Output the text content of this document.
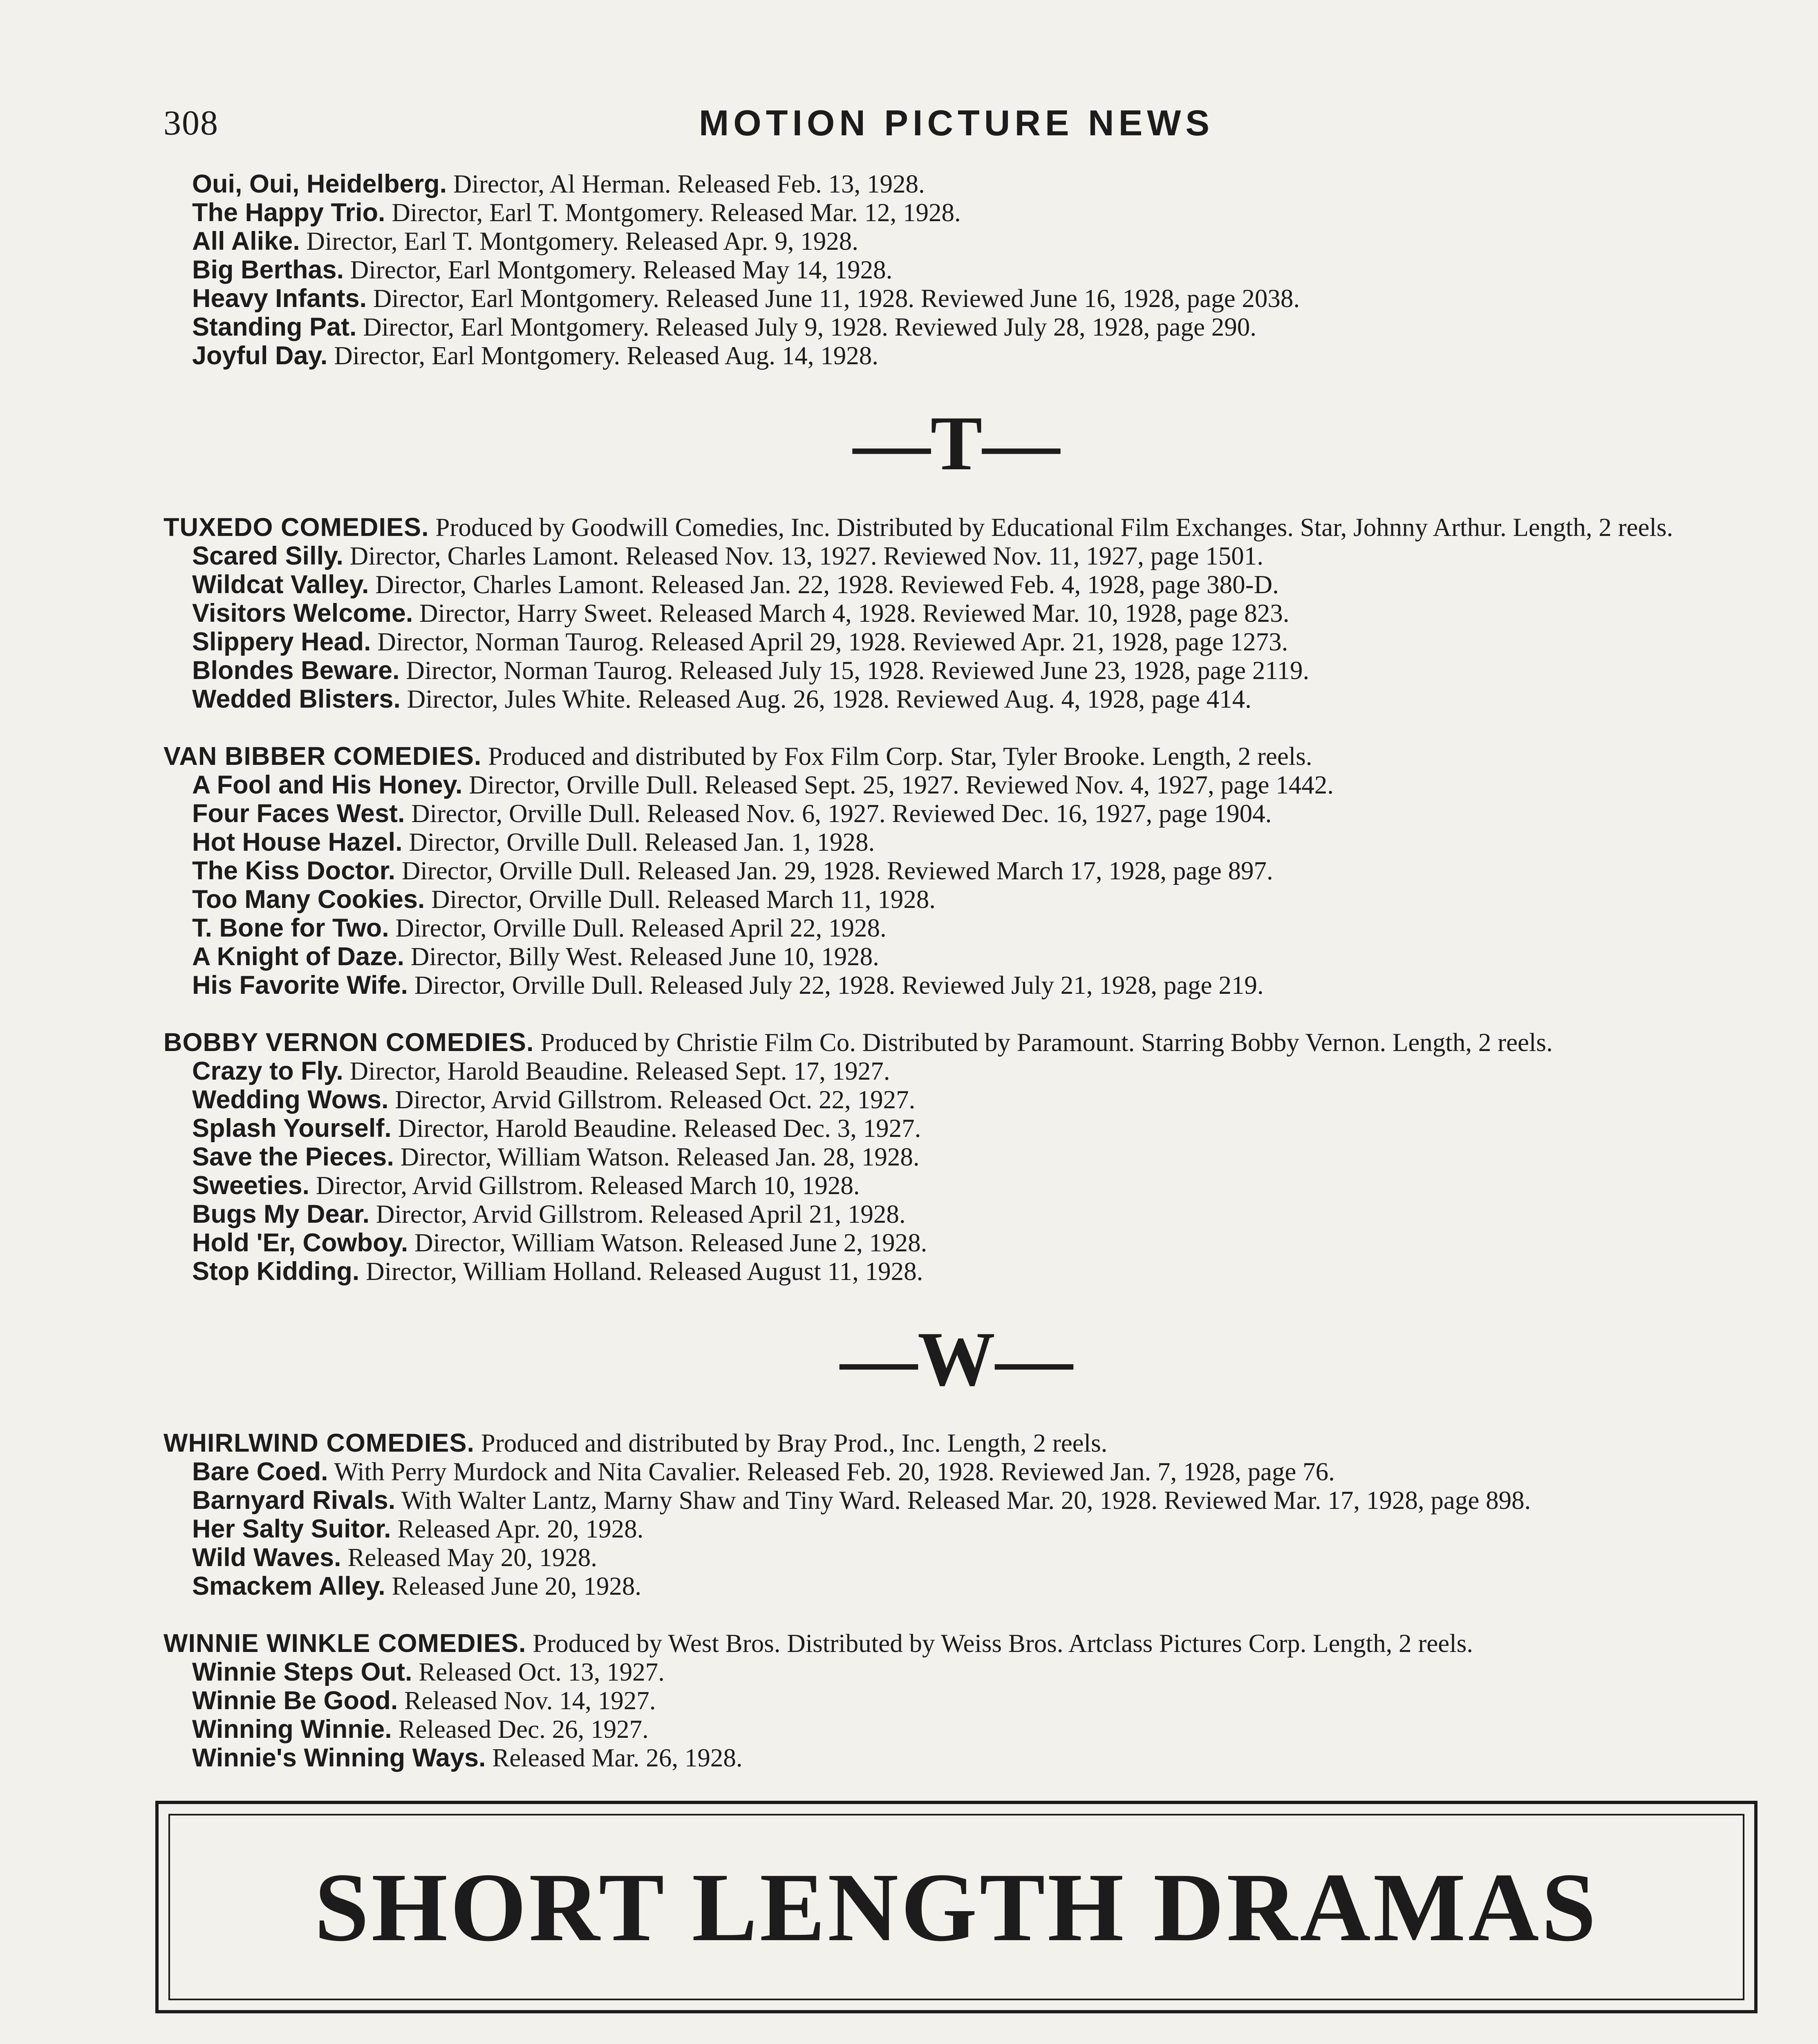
308	MOTION PICTURE NEWS

Oui, Oui, Heidelberg. Director, Al Herman. Released Feb. 13, 1928.

The Happy Trio. Director, Earl T. Montgomery. Released Mar. 12, 1928.

All Alike. Director, Earl T. Montgomery. Released Apr. 9, 1928.

Big Berthas. Director, Earl Montgomery. Released May 14, 1928.

Heavy Infants. Director, Earl Montgomery. Released June 11, 1928. Reviewed June 16, 1928, page 2038.

Standing Pat. Director, Earl Montgomery. Released July 9, 1928. Reviewed July 28, 1928, page 290.

Joyful Day. Director, Earl Montgomery. Released Aug. 14, 1928.

—T—

TUXEDO COMEDIES. Produced by Goodwill Comedies, Inc. Distributed by Educational Film Exchanges. Star, Johnny Arthur. Length, 2 reels.

Scared Silly. Director, Charles Lamont. Released Nov. 13, 1927. Reviewed Nov. 11, 1927, page 1501.

Wildcat Valley. Director, Charles Lamont. Released Jan. 22, 1928. Reviewed Feb. 4, 1928, page 380-D.

Visitors Welcome. Director, Harry Sweet. Released March 4, 1928. Reviewed Mar. 10, 1928, page 823.

Slippery Head. Director, Norman Taurog. Released April 29, 1928. Reviewed Apr. 21, 1928, page 1273.

Blondes Beware. Director, Norman Taurog. Released July 15, 1928. Reviewed June 23, 1928, page 2119.

Wedded Blisters. Director, Jules White. Released Aug. 26, 1928. Reviewed Aug. 4, 1928, page 414.

VAN BIBBER COMEDIES. Produced and distributed by Fox Film Corp. Star, Tyler Brooke. Length, 2 reels.

A Fool and His Honey. Director, Orville Dull. Released Sept. 25, 1927. Reviewed Nov. 4, 1927, page 1442.

Four Faces West. Director, Orville Dull. Released Nov. 6, 1927. Reviewed Dec. 16, 1927, page 1904.

Hot House Hazel. Director, Orville Dull. Released Jan. 1, 1928.

The Kiss Doctor. Director, Orville Dull. Released Jan. 29, 1928. Reviewed March 17, 1928, page 897.

Too Many Cookies. Director, Orville Dull. Released March 11, 1928.

T. Bone for Two. Director, Orville Dull. Released April 22, 1928.

A Knight of Daze. Director, Billy West. Released June 10, 1928.

His Favorite Wife. Director, Orville Dull. Released July 22, 1928. Reviewed July 21, 1928, page 219.

BOBBY VERNON COMEDIES. Produced by Christie Film Co. Distributed by Paramount. Starring Bobby Vernon. Length, 2 reels.

Crazy to Fly. Director, Harold Beaudine. Released Sept. 17, 1927.

Wedding Wows. Director, Arvid Gillstrom. Released Oct. 22, 1927.

Splash Yourself. Director, Harold Beaudine. Released Dec. 3, 1927.

Save the Pieces. Director, William Watson. Released Jan. 28, 1928.

Sweeties. Director, Arvid Gillstrom. Released March 10, 1928.

Bugs My Dear. Director, Arvid Gillstrom. Released April 21, 1928.

Hold 'Er, Cowboy. Director, William Watson. Released June 2, 1928.

Stop Kidding. Director, William Holland. Released August 11, 1928.

—W—

WHIRLWIND COMEDIES. Produced and distributed by Bray Prod., Inc. Length, 2 reels.

Bare Coed. With Perry Murdock and Nita Cavalier. Released Feb. 20, 1928. Reviewed Jan. 7, 1928, page 76.

Barnyard Rivals. With Walter Lantz, Marny Shaw and Tiny Ward. Released Mar. 20, 1928. Reviewed Mar. 17, 1928, page 898.

Her Salty Suitor. Released Apr. 20, 1928.

Wild Waves. Released May 20, 1928.

Smackem Alley. Released June 20, 1928.

WINNIE WINKLE COMEDIES. Produced by West Bros. Distributed by Weiss Bros. Artclass Pictures Corp. Length, 2 reels.

Winnie Steps Out. Released Oct. 13, 1927.

Winnie Be Good. Released Nov. 14, 1927.

Winning Winnie. Released Dec. 26, 1927.

Winnie's Winning Ways. Released Mar. 26, 1928.

SHORT LENGTH DRAMAS
